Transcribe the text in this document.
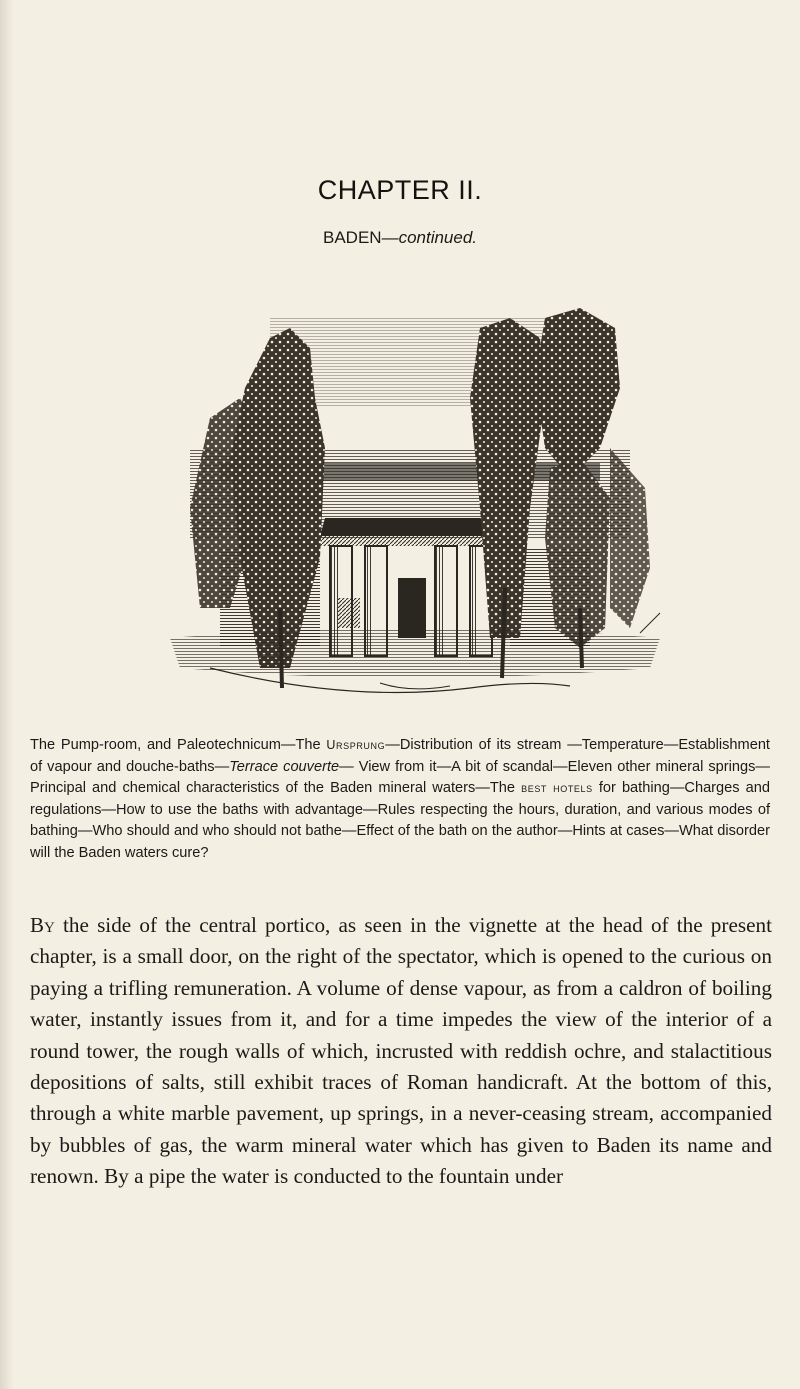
CHAPTER II.
BADEN—continued.
The Pump-room, and Paleotechnicum—The Ursprung—Distribution of its stream —Temperature—Establishment of vapour and douche-baths—Terrace couverte— View from it—A bit of scandal—Eleven other mineral springs—Principal and chemical characteristics of the Baden mineral waters—The best hotels for bathing—Charges and regulations—How to use the baths with advantage—Rules respecting the hours, duration, and various modes of bathing—Who should and who should not bathe—Effect of the bath on the author—Hints at cases—What disorder will the Baden waters cure?
By the side of the central portico, as seen in the vignette at the head of the present chapter, is a small door, on the right of the spectator, which is opened to the curious on paying a trifling remuneration. A volume of dense vapour, as from a caldron of boiling water, instantly issues from it, and for a time impedes the view of the interior of a round tower, the rough walls of which, incrusted with reddish ochre, and stalactitious depositions of salts, still exhibit traces of Roman handicraft. At the bottom of this, through a white marble pavement, up springs, in a never-ceasing stream, accompanied by bubbles of gas, the warm mineral water which has given to Baden its name and renown. By a pipe the water is conducted to the fountain under
